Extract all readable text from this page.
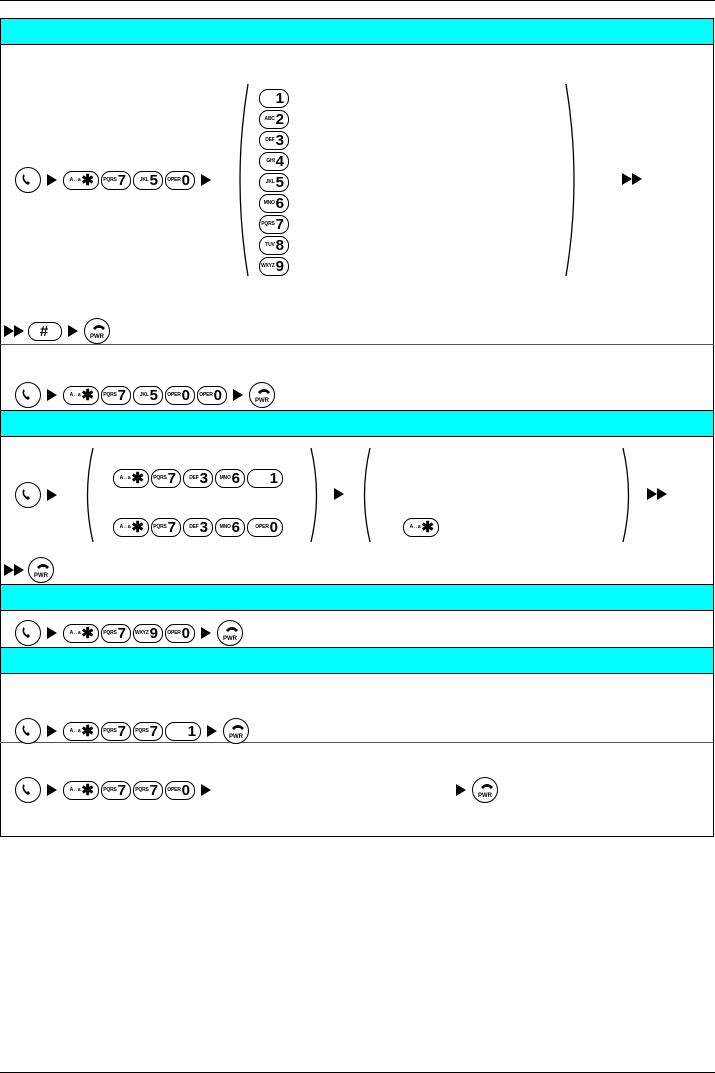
A↔a ✱ PQRS 7	JKL 5 OPER 0
1
ABC 2
DEF 3
GHI 4
JKL 5
MNO 6
PQRS 7
TUV 8
WXYZ 9
#	PWR
A↔a ✱ PQRS 7	JKL 5 OPER 0 OPER 0	PWR
A↔a ✱ PQRS 7	DEF 3 MNO 6 1
A↔a ✱ PQRS 7	DEF 3 MNO 6	OPER 0	A↔a ✱
PWR
A↔a ✱ PQRS 7 WXYZ 9 OPER 0	PWR
A↔a ✱ PQRS 7 PQRS 7 1	PWR
A↔a ✱ PQRS 7 PQRS 7 OPER 0	PWR
